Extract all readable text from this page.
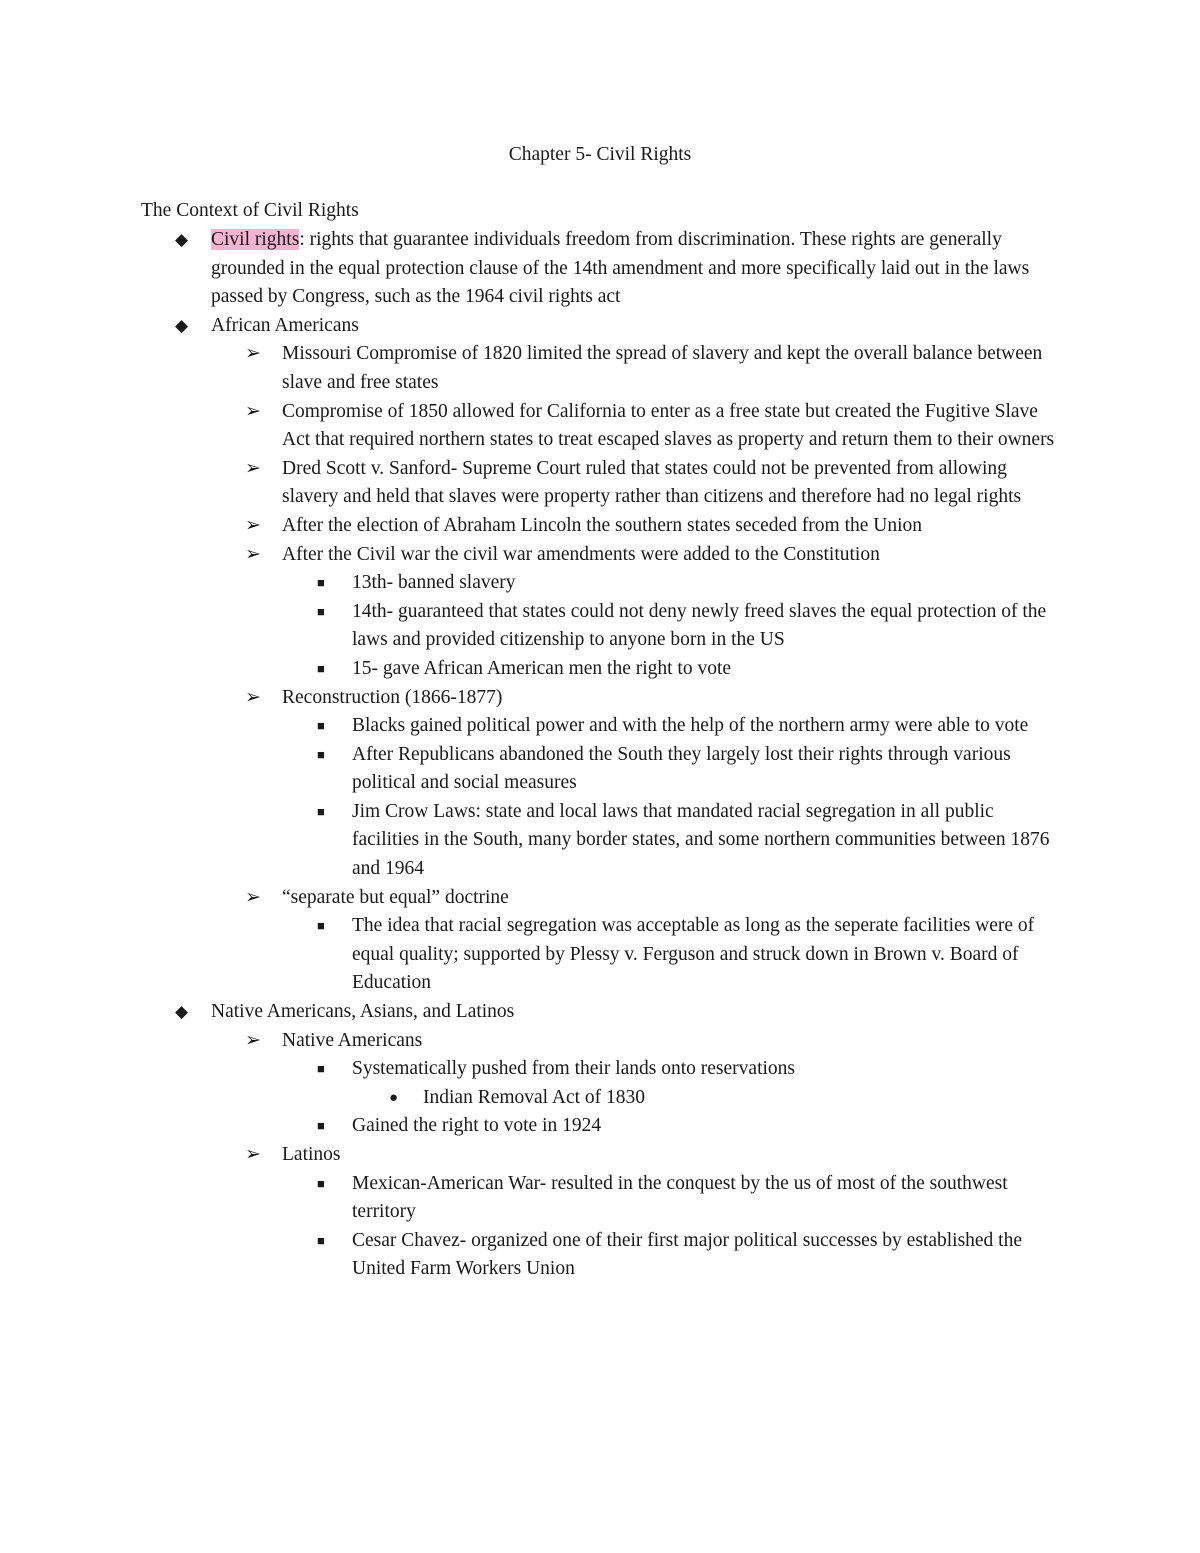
Chapter 5- Civil Rights
The Context of Civil Rights
◆	Civil rights: rights that guarantee individuals freedom from discrimination. These rights are generally grounded in the equal protection clause of the 14th amendment and more specifically laid out in the laws passed by Congress, such as the 1964 civil rights act
◆	African Americans
➢	Missouri Compromise of 1820 limited the spread of slavery and kept the overall balance between slave and free states
➢	Compromise of 1850 allowed for California to enter as a free state but created the Fugitive Slave Act that required northern states to treat escaped slaves as property and return them to their owners
➢	Dred Scott v. Sanford- Supreme Court ruled that states could not be prevented from allowing slavery and held that slaves were property rather than citizens and therefore had no legal rights
➢	After the election of Abraham Lincoln the southern states seceded from the Union
➢	After the Civil war the civil war amendments were added to the Constitution
■	13th- banned slavery
■	14th- guaranteed that states could not deny newly freed slaves the equal protection of the laws and provided citizenship to anyone born in the US
■	15- gave African American men the right to vote
➢	Reconstruction (1866-1877)
■	Blacks gained political power and with the help of the northern army were able to vote
■	After Republicans abandoned the South they largely lost their rights through various political and social measures
■	Jim Crow Laws: state and local laws that mandated racial segregation in all public facilities in the South, many border states, and some northern communities between 1876 and 1964
➢	“separate but equal” doctrine
■	The idea that racial segregation was acceptable as long as the seperate facilities were of equal quality; supported by Plessy v. Ferguson and struck down in Brown v. Board of Education
◆	Native Americans, Asians, and Latinos
➢	Native Americans
■	Systematically pushed from their lands onto reservations
●	Indian Removal Act of 1830
■	Gained the right to vote in 1924
➢	Latinos
■	Mexican-American War- resulted in the conquest by the us of most of the southwest territory
■	Cesar Chavez- organized one of their first major political successes by established the United Farm Workers Union
